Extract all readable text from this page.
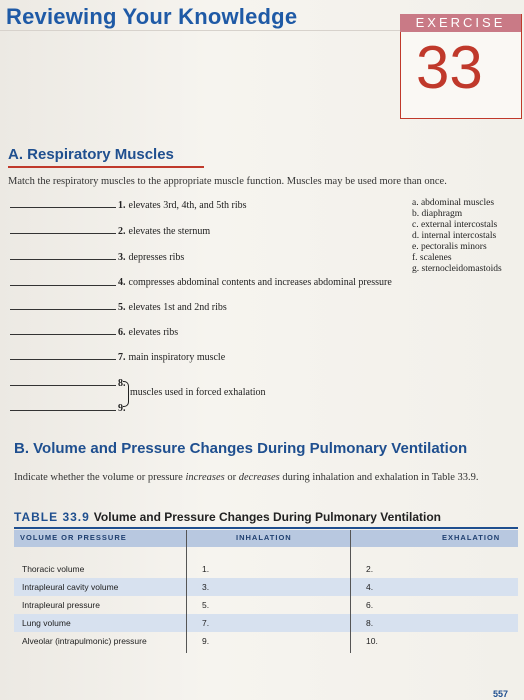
Reviewing Your Knowledge	EXERCISE
33
A. Respiratory Muscles
Match the respiratory muscles to the appropriate muscle function. Muscles may be used more than once.
1. elevates 3rd, 4th, and 5th ribs
2. elevates the sternum
3. depresses ribs
4. compresses abdominal contents and increases abdominal pressure
5. elevates 1st and 2nd ribs
6. elevates ribs
7. main inspiratory muscle
8.
9.
muscles used in forced exhalation
a. abdominal muscles
b. diaphragm
c. external intercostals
d. internal intercostals
e. pectoralis minors
f. scalenes
g. sternocleidomastoids
B. Volume and Pressure Changes During Pulmonary Ventilation
Indicate whether the volume or pressure increases or decreases during inhalation and exhalation in Table 33.9.
TABLE 33.9 Volume and Pressure Changes During Pulmonary Ventilation
VOLUME OR PRESSURE	INHALATION	EXHALATION
Thoracic volume	1.	2.
Intrapleural cavity volume	3.	4.
Intrapleural pressure	5.	6.
Lung volume	7.	8.
Alveolar (intrapulmonic) pressure	9.	10.
557
